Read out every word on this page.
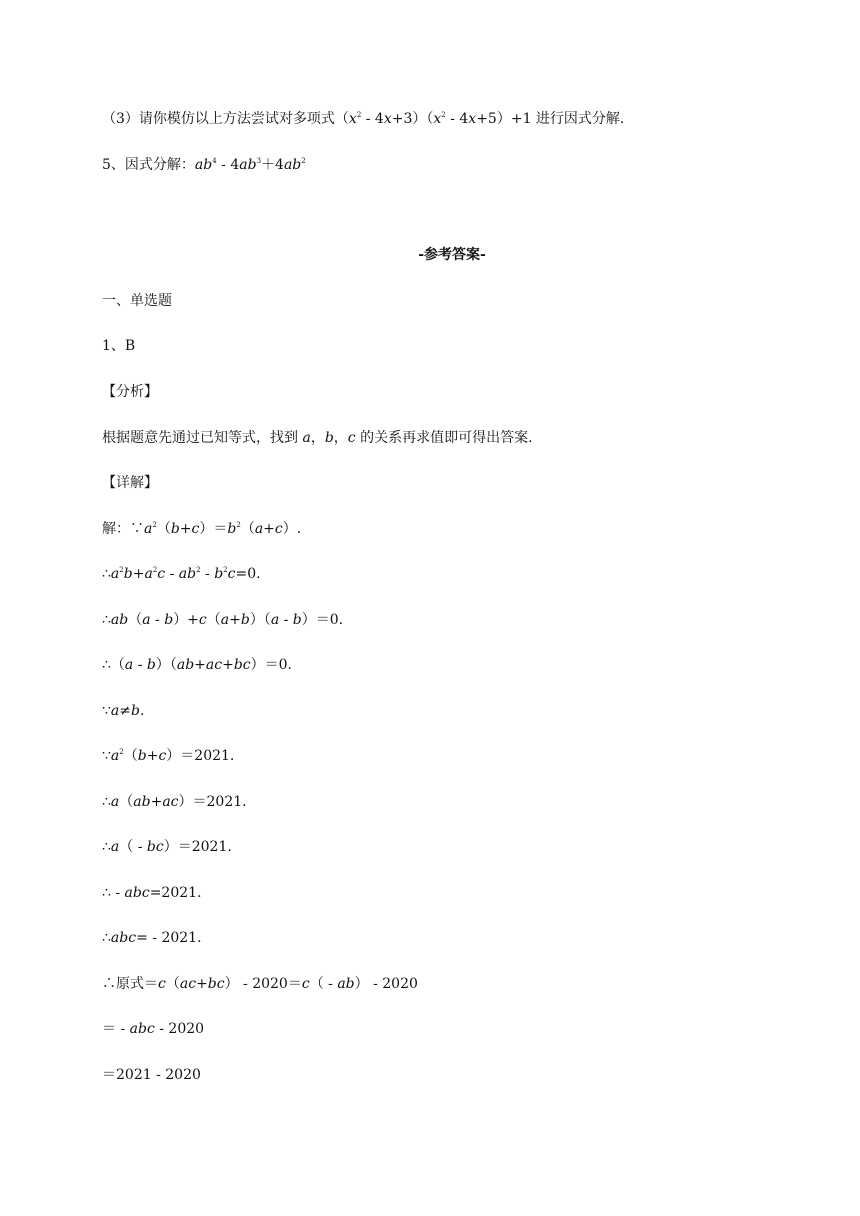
（3）请你模仿以上方法尝试对多项式$(x^2 - 4x+3)(x^2 - 4x+5)+1$ 进行因式分解.
5、因式分解：$ab^4 - 4ab^3+4ab^2$
-参考答案-
一、单选题
1、B
【分析】
根据题意先通过已知等式，找到 a，b，c 的关系再求值即可得出答案.
【详解】
解：$\because a^2(b+c)=b^2(a+c)$.
$\therefore a^2b+a^2c - ab^2 - b^2c=0$.
∴ab（a - b）+c（a+b）（a - b）＝0.
∴（a - b）（ab+ac+bc）＝0.
∵a≠b.
$\because a^2(b+c)=2021$.
∴a（ab+ac）＝2021.
∴a（ - bc）＝2021.
∴ - abc=2021.
∴abc= - 2021.
∴原式＝c（ac+bc） - 2020＝c（ - ab） - 2020
＝ - abc - 2020
＝2021 - 2020
